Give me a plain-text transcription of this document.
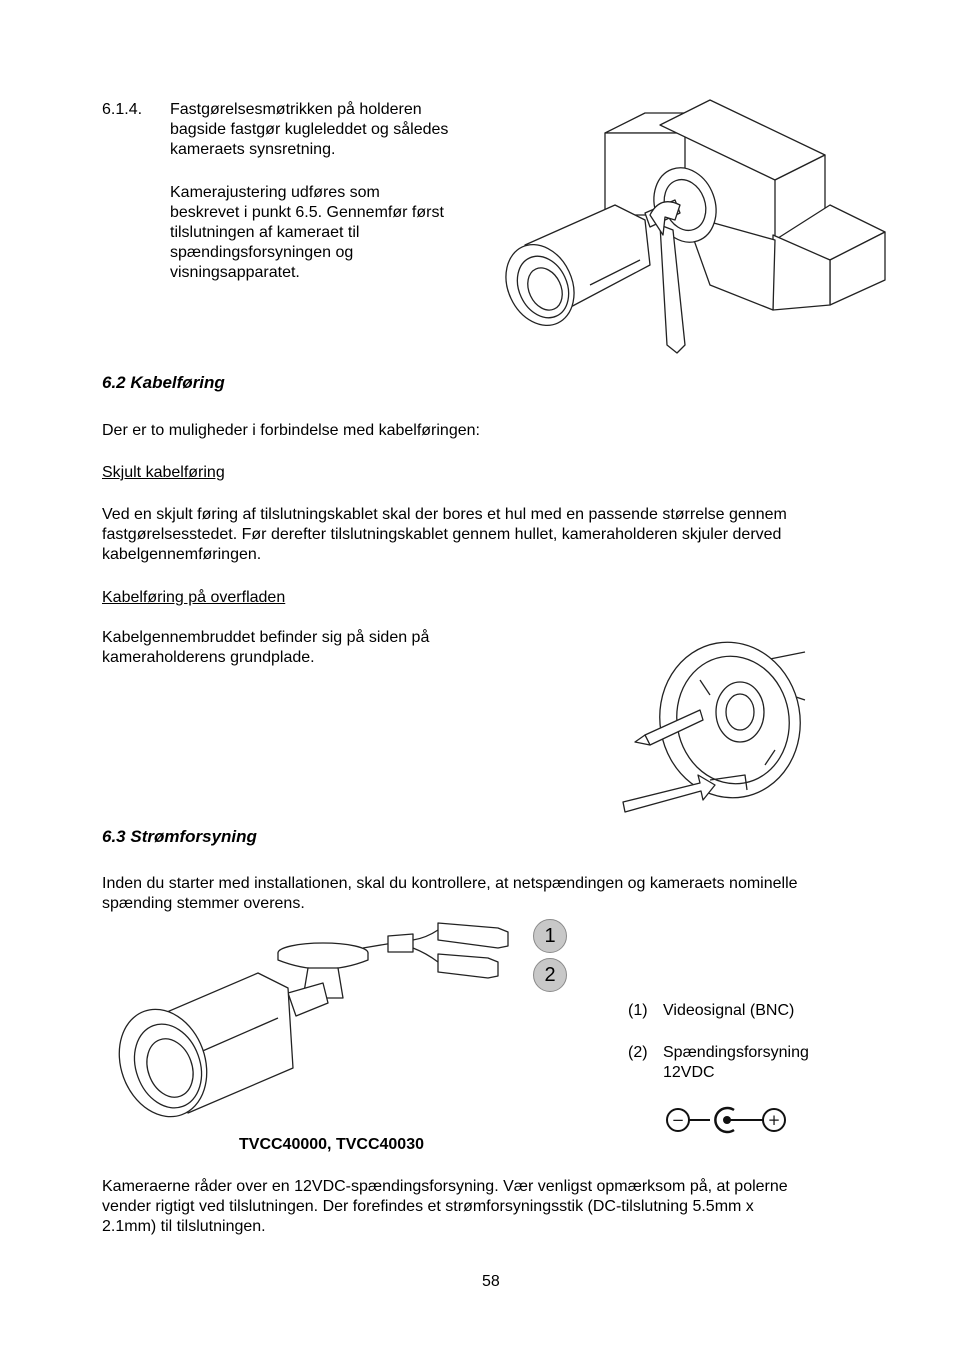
6.1.4. Fastgørelsesmøtrikken på holderen
bagside fastgør kugleleddet og således
kameraets synsretning.
Kamerajustering udføres som
beskrevet i punkt 6.5. Gennemfør først
tilslutningen af kameraet til
spændingsforsyningen og
visningsapparatet.
6.2 Kabelføring
Der er to muligheder i forbindelse med kabelføringen:
Skjult kabelføring
Ved en skjult føring af tilslutningskablet skal der bores et hul med en passende størrelse gennem
fastgørelsesstedet. Før derefter tilslutningskablet gennem hullet, kameraholderen skjuler derved
kabelgennemføringen.
Kabelføring på overfladen
Kabelgennembruddet befinder sig på siden på
kameraholderens grundplade.
6.3 Strømforsyning
Inden du starter med installationen, skal du kontrollere, at netspændingen og kameraets nominelle
spænding stemmer overens.
1
2
(1) Videosignal (BNC)
(2) Spændingsforsyning
12VDC
−	+
TVCC40000, TVCC40030
Kameraerne råder over en 12VDC-spændingsforsyning. Vær venligst opmærksom på, at polerne
vender rigtigt ved tilslutningen. Der forefindes et strømforsyningsstik (DC-tilslutning 5.5mm x
2.1mm) til tilslutningen.
58
